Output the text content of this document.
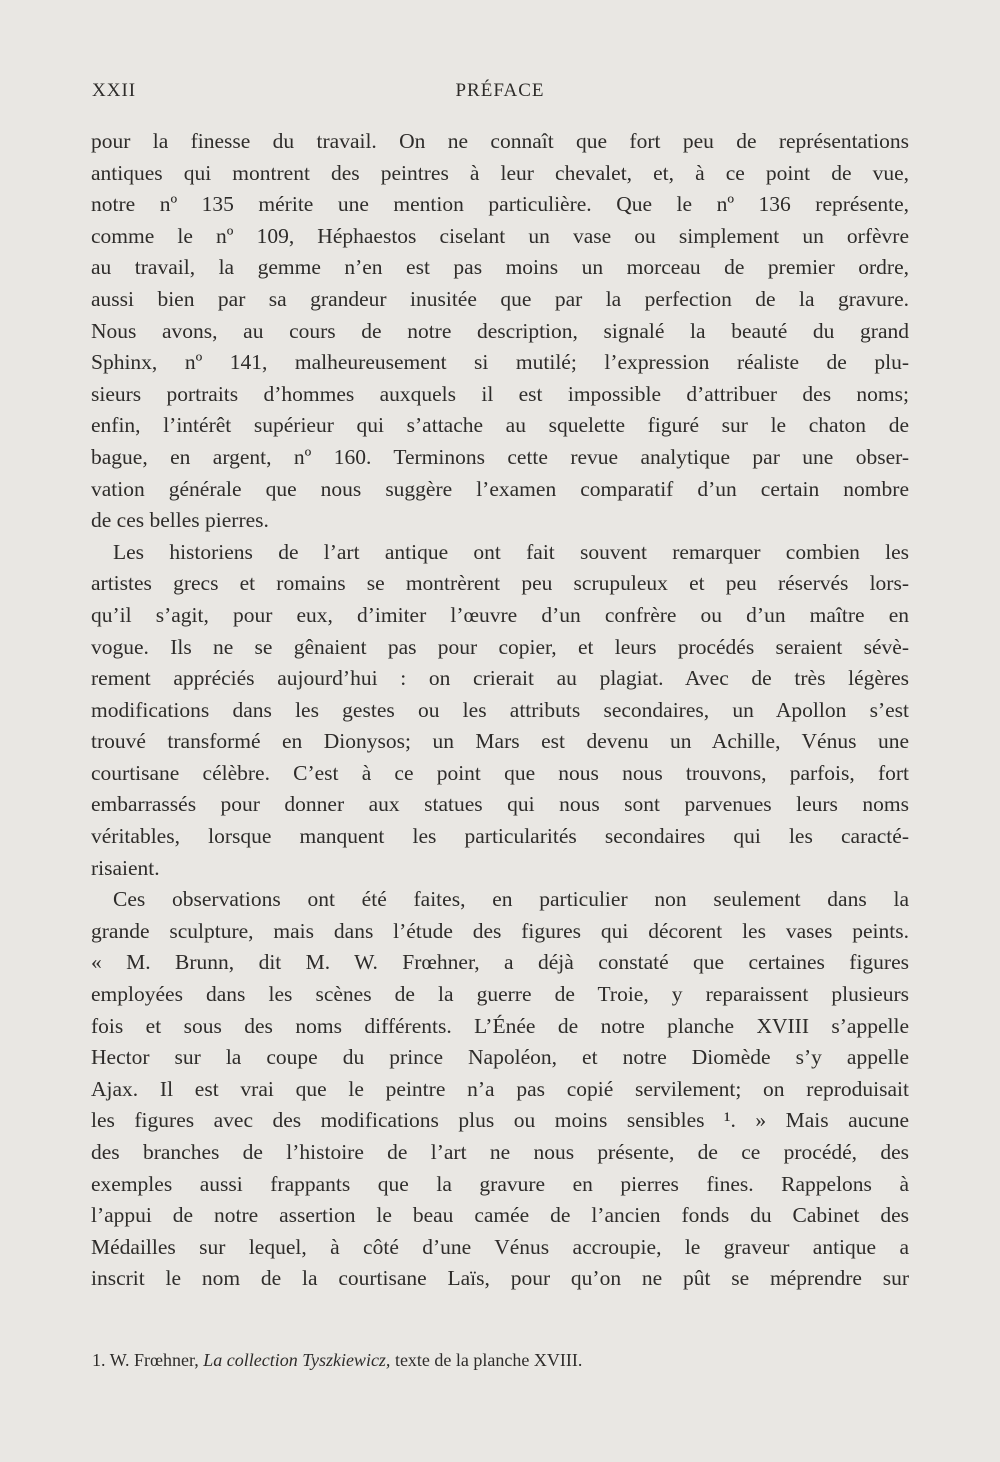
XXII	PRÉFACE
pour la finesse du travail. On ne connaît que fort peu de représentations
antiques qui montrent des peintres à leur chevalet, et, à ce point de vue,
notre nº 135 mérite une mention particulière. Que le nº 136 représente,
comme le nº 109, Héphaestos ciselant un vase ou simplement un orfèvre
au travail, la gemme n’en est pas moins un morceau de premier ordre,
aussi bien par sa grandeur inusitée que par la perfection de la gravure.
Nous avons, au cours de notre description, signalé la beauté du grand
Sphinx, nº 141, malheureusement si mutilé; l’expression réaliste de plu-
sieurs portraits d’hommes auxquels il est impossible d’attribuer des noms;
enfin, l’intérêt supérieur qui s’attache au squelette figuré sur le chaton de
bague, en argent, nº 160. Terminons cette revue analytique par une obser-
vation générale que nous suggère l’examen comparatif d’un certain nombre
de ces belles pierres.
Les historiens de l’art antique ont fait souvent remarquer combien les
artistes grecs et romains se montrèrent peu scrupuleux et peu réservés lors-
qu’il s’agit, pour eux, d’imiter l’œuvre d’un confrère ou d’un maître en
vogue. Ils ne se gênaient pas pour copier, et leurs procédés seraient sévè-
rement appréciés aujourd’hui : on crierait au plagiat. Avec de très légères
modifications dans les gestes ou les attributs secondaires, un Apollon s’est
trouvé transformé en Dionysos; un Mars est devenu un Achille, Vénus une
courtisane célèbre. C’est à ce point que nous nous trouvons, parfois, fort
embarrassés pour donner aux statues qui nous sont parvenues leurs noms
véritables, lorsque manquent les particularités secondaires qui les caracté-
risaient.
Ces observations ont été faites, en particulier non seulement dans la
grande sculpture, mais dans l’étude des figures qui décorent les vases peints.
« M. Brunn, dit M. W. Frœhner, a déjà constaté que certaines figures
employées dans les scènes de la guerre de Troie, y reparaissent plusieurs
fois et sous des noms différents. L’Énée de notre planche XVIII s’appelle
Hector sur la coupe du prince Napoléon, et notre Diomède s’y appelle
Ajax. Il est vrai que le peintre n’a pas copié servilement; on reproduisait
les figures avec des modifications plus ou moins sensibles ¹. » Mais aucune
des branches de l’histoire de l’art ne nous présente, de ce procédé, des
exemples aussi frappants que la gravure en pierres fines. Rappelons à
l’appui de notre assertion le beau camée de l’ancien fonds du Cabinet des
Médailles sur lequel, à côté d’une Vénus accroupie, le graveur antique a
inscrit le nom de la courtisane Laïs, pour qu’on ne pût se méprendre sur
1. W. Frœhner, La collection Tyszkiewicz, texte de la planche XVIII.
